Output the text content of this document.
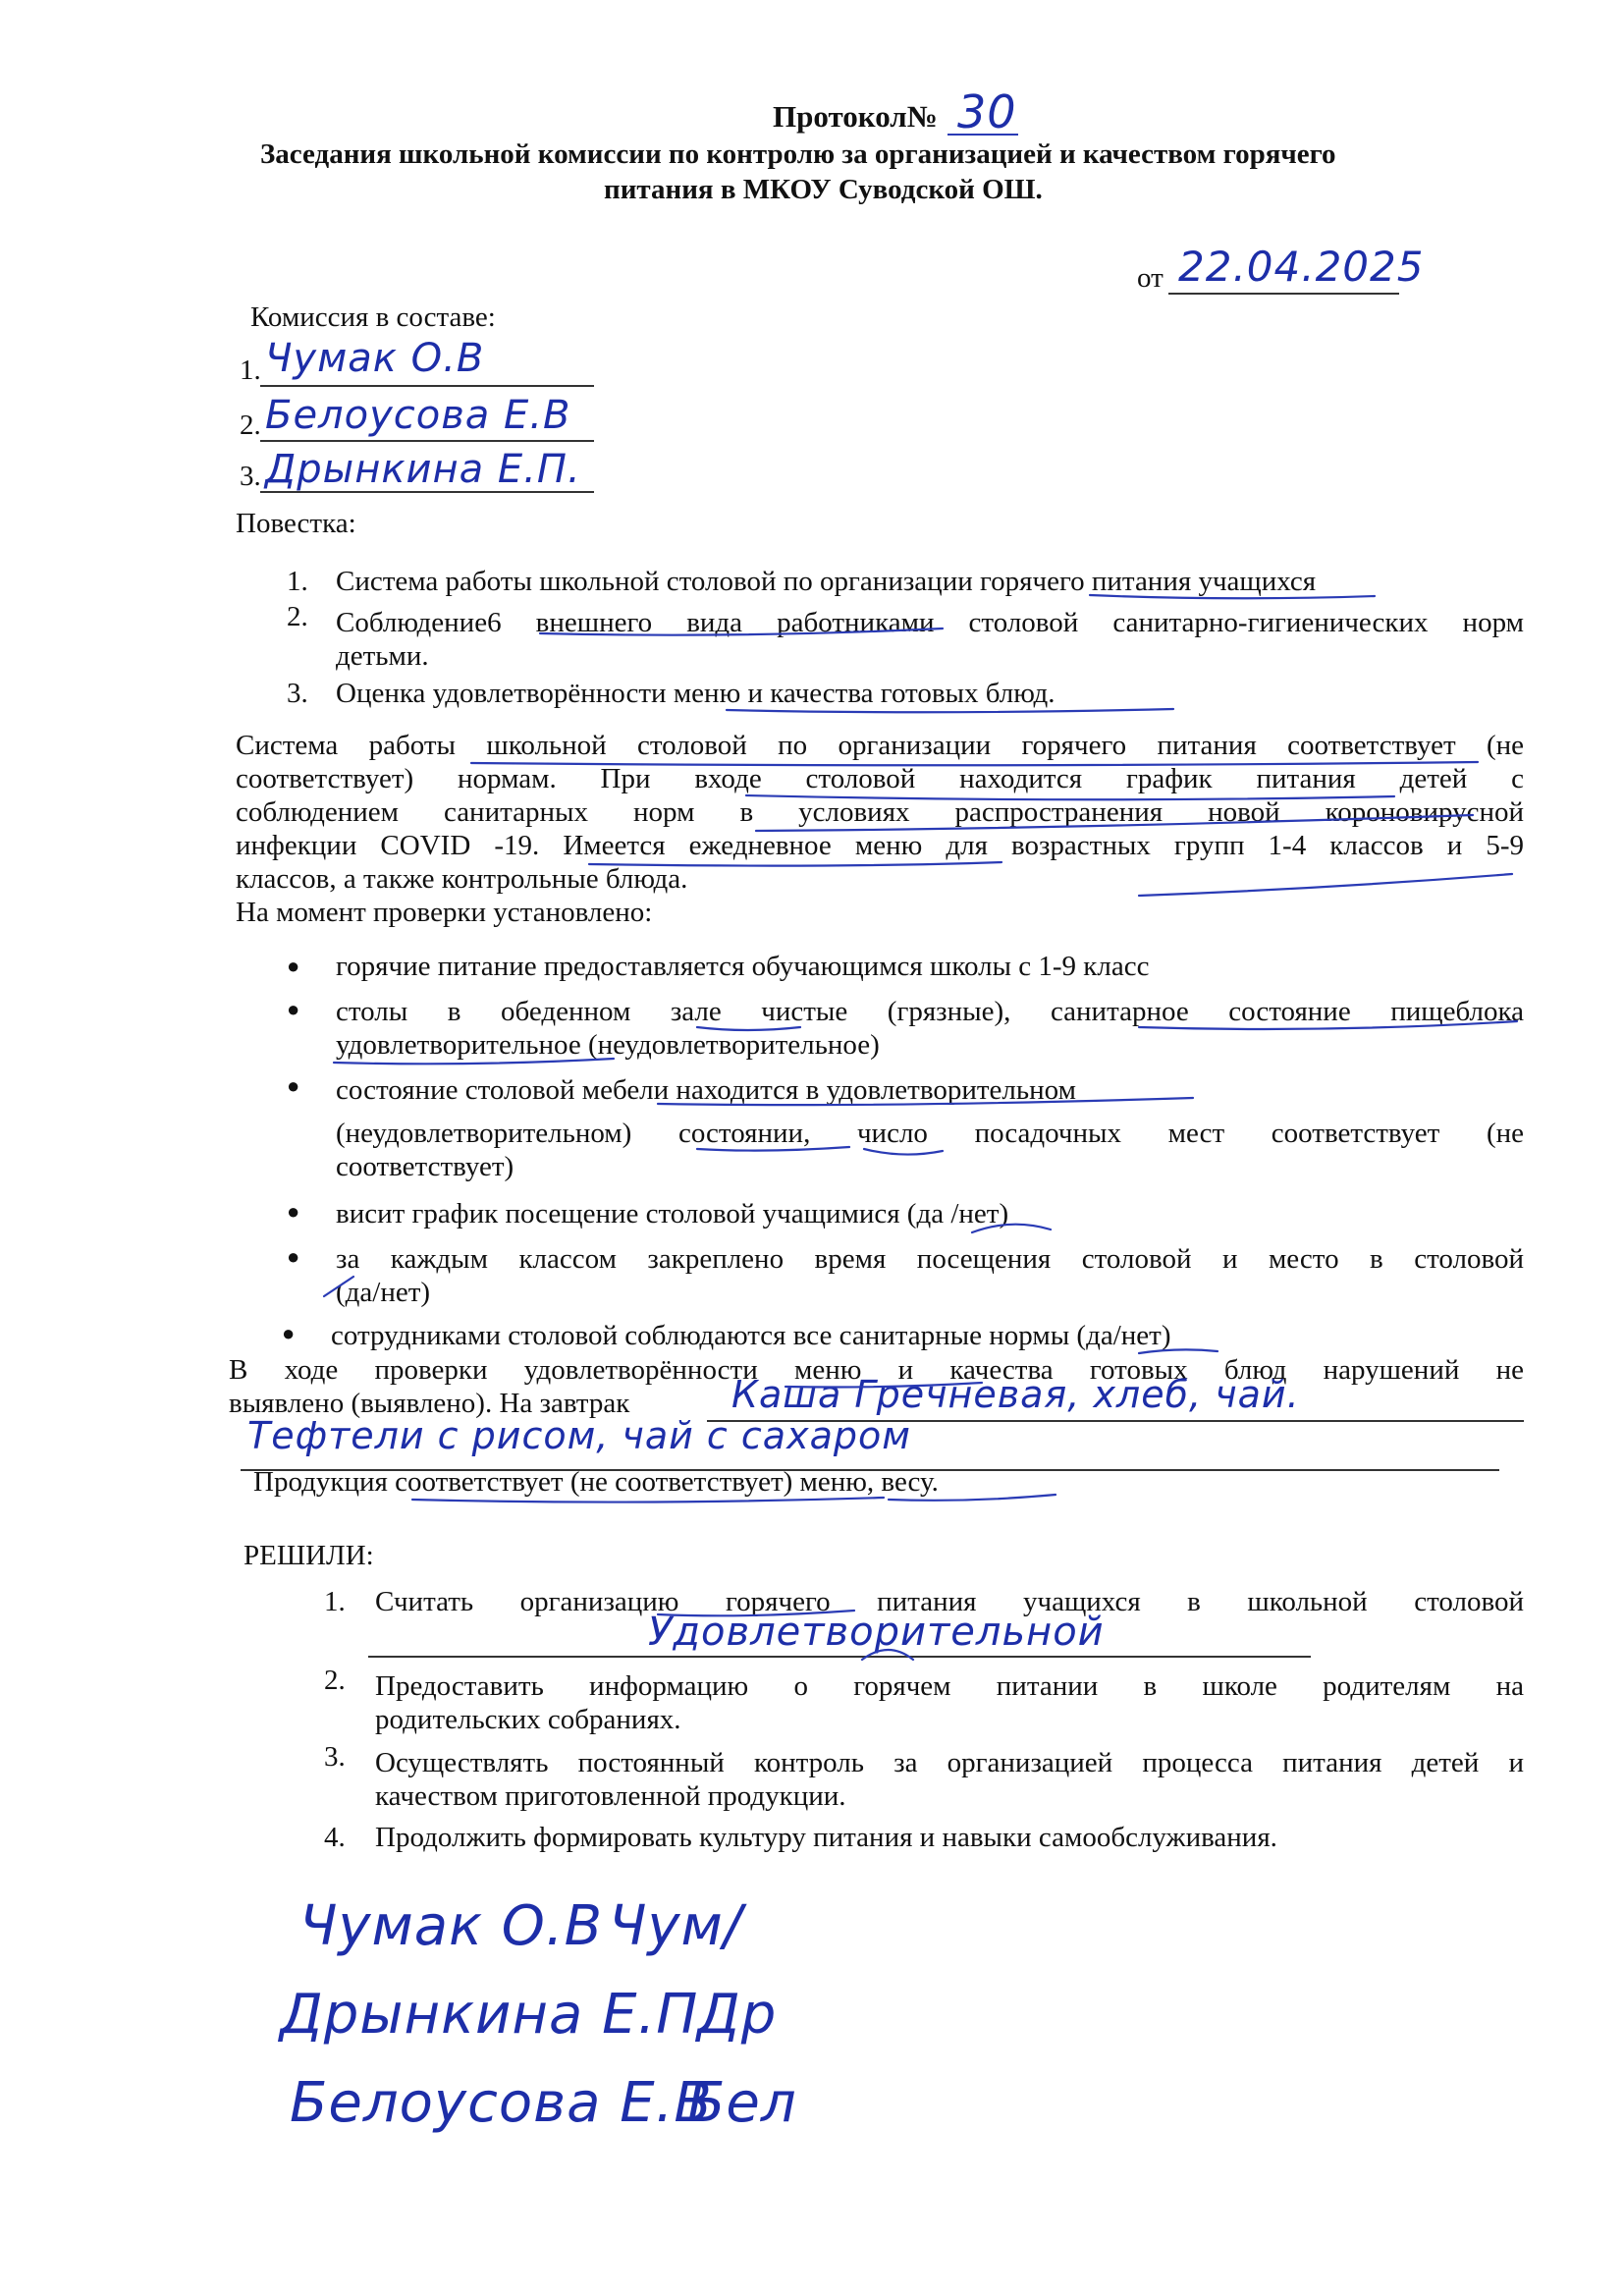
Протокол№ 30
Заседания школьной комиссии по контролю за организацией и качеством горячего
питания в МКОУ Суводской ОШ.
от 22.04.2025
Комиссия в составе:
1. Чумак О.В
2. Белоусова Е.В
3. Дрынкина Е.П.
Повестка:
1. Система работы школьной столовой по организации горячего питания учащихся
2. Соблюдение6 внешнего вида работниками столовой санитарно-гигиенических норм
детьми.
3. Оценка удовлетворённости меню и качества готовых блюд.
Система работы школьной столовой по организации горячего питания соответствует (не
соответствует) нормам. При входе столовой находится график питания детей с
соблюдением санитарных норм в условиях распространения новой короновирусной
инфекции COVID -19. Имеется ежедневное меню для возрастных групп 1-4 классов и 5-9
классов, а также контрольные блюда.
На момент проверки установлено:
● горячие питание предоставляется обучающимся школы с 1-9 класс
● столы в обеденном зале чистые (грязные), санитарное состояние пищеблока
удовлетворительное (неудовлетворительное)
● состояние столовой мебели находится в удовлетворительном
(неудовлетворительном) состоянии, число посадочных мест соответствует (не
соответствует)
● висит график посещение столовой учащимися (да /нет)
● за каждым классом закреплено время посещения столовой и место в столовой
(да/нет)
● сотрудниками столовой соблюдаются все санитарные нормы (да/нет)
В ходе проверки удовлетворённости меню и качества готовых блюд нарушений не
выявлено (выявлено). На завтрак	Каша Гречневая, хлеб, чай.
Тефтели с рисом, чай с сахаром
Продукция соответствует (не соответствует) меню, весу.
РЕШИЛИ:
1. Считать организацию горячего питания учащихся в школьной столовой
Удовлетворительной
2. Предоставить информацию о горячем питании в школе родителям на
родительских собраниях.
3. Осуществлять постоянный контроль за организацией процесса питания детей и
качеством приготовленной продукции.
4. Продолжить формировать культуру питания и навыки самообслуживания.
Чумак О.В Чум/
Дрынкина Е.П.
Др
Белоусова Е.В
Бел
